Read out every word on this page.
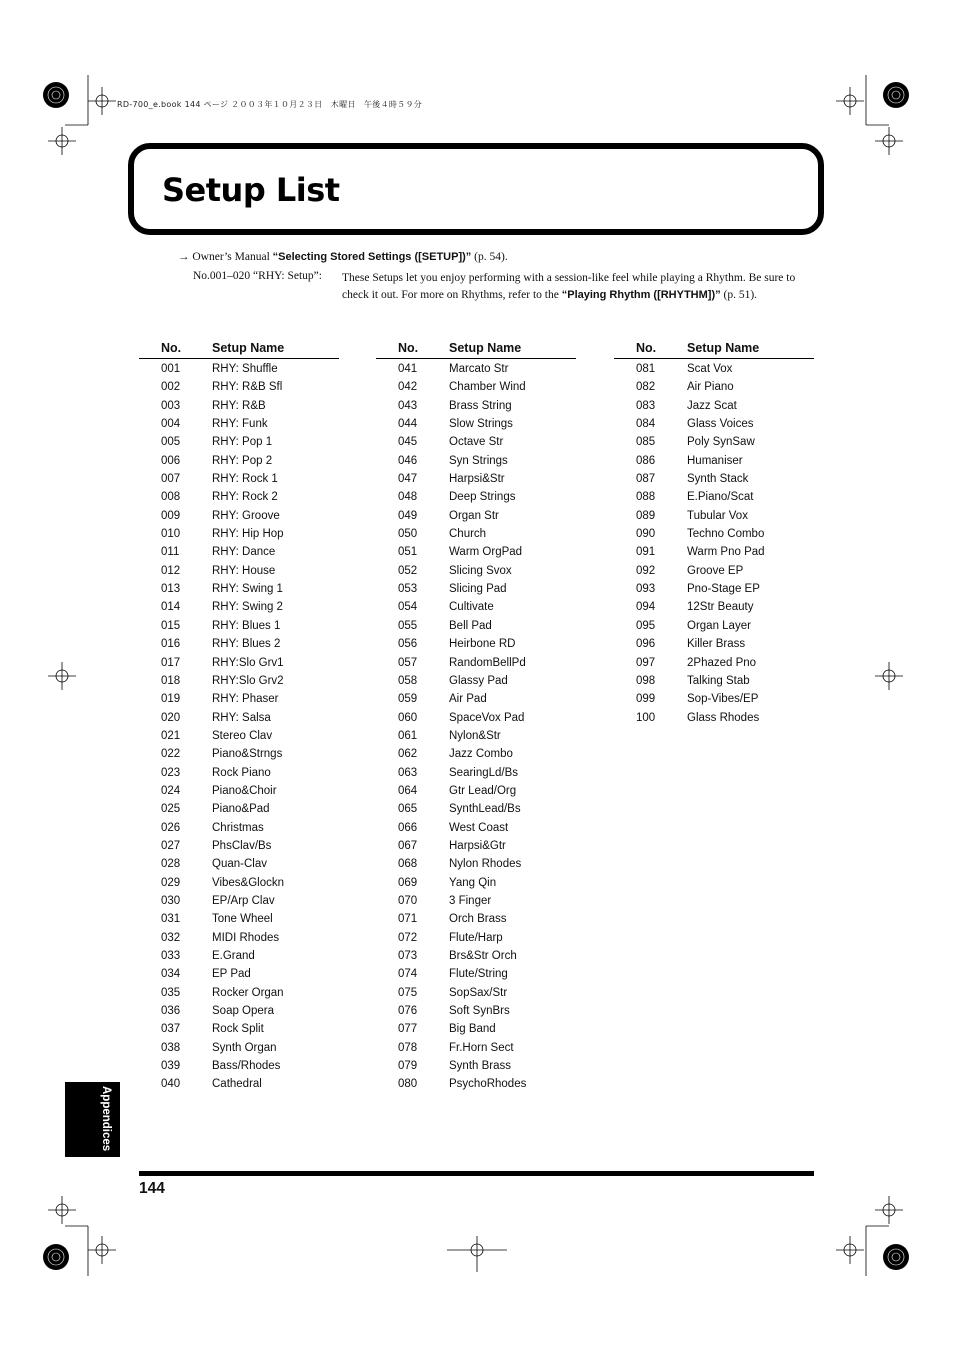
RD-700_e.book 144 ページ ２００３年１０月２３日　木曜日　午後４時５９分
Setup List
→ Owner’s Manual “Selecting Stored Settings ([SETUP])” (p. 54).
No.001–020 “RHY: Setup”: These Setups let you enjoy performing with a session-like feel while playing a Rhythm. Be sure to check it out. For more on Rhythms, refer to the “Playing Rhythm ([RHYTHM])” (p. 51).
No. Setup Name
001	RHY: Shuffle
002	RHY: R&B Sfl
003	RHY: R&B
004	RHY: Funk
005	RHY: Pop 1
006	RHY: Pop 2
007	RHY: Rock 1
008	RHY: Rock 2
009	RHY: Groove
010	RHY: Hip Hop
011	RHY: Dance
012	RHY: House
013	RHY: Swing 1
014	RHY: Swing 2
015	RHY: Blues 1
016	RHY: Blues 2
017	RHY:Slo Grv1
018	RHY:Slo Grv2
019	RHY: Phaser
020	RHY: Salsa
021	Stereo Clav
022	Piano&Strngs
023	Rock Piano
024	Piano&Choir
025	Piano&Pad
026	Christmas
027	PhsClav/Bs
028	Quan-Clav
029	Vibes&Glockn
030	EP/Arp Clav
031	Tone Wheel
032	MIDI Rhodes
033	E.Grand
034	EP Pad
035	Rocker Organ
036	Soap Opera
037	Rock Split
038	Synth Organ
039	Bass/Rhodes
040	Cathedral
No. Setup Name
041	Marcato Str
042	Chamber Wind
043	Brass String
044	Slow Strings
045	Octave Str
046	Syn Strings
047	Harpsi&Str
048	Deep Strings
049	Organ Str
050	Church
051	Warm OrgPad
052	Slicing Svox
053	Slicing Pad
054	Cultivate
055	Bell Pad
056	Heirbone RD
057	RandomBellPd
058	Glassy Pad
059	Air Pad
060	SpaceVox Pad
061	Nylon&Str
062	Jazz Combo
063	SearingLd/Bs
064	Gtr Lead/Org
065	SynthLead/Bs
066	West Coast
067	Harpsi&Gtr
068	Nylon Rhodes
069	Yang Qin
070	3 Finger
071	Orch Brass
072	Flute/Harp
073	Brs&Str Orch
074	Flute/String
075	SopSax/Str
076	Soft SynBrs
077	Big Band
078	Fr.Horn Sect
079	Synth Brass
080	PsychoRhodes
No. Setup Name
081	Scat Vox
082	Air Piano
083	Jazz Scat
084	Glass Voices
085	Poly SynSaw
086	Humaniser
087	Synth Stack
088	E.Piano/Scat
089	Tubular Vox
090	Techno Combo
091	Warm Pno Pad
092	Groove EP
093	Pno-Stage EP
094	12Str Beauty
095	Organ Layer
096	Killer Brass
097	2Phazed Pno
098	Talking Stab
099	Sop-Vibes/EP
100	Glass Rhodes
Appendices
144
